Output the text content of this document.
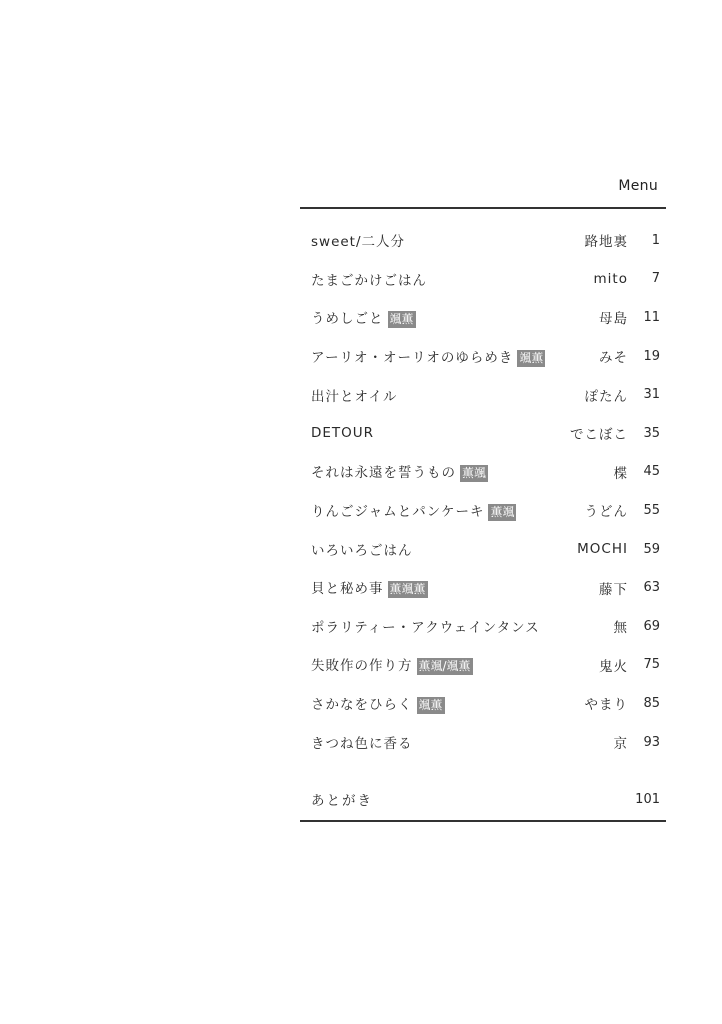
Menu
sweet/二人分	路地裏	1
たまごかけごはん	mito	7
うめしごと 颯薫	母島	11
アーリオ・オーリオのゆらめき 颯薫	みそ	19
出汁とオイル	ぽたん	31
DETOUR	でこぼこ	35
それは永遠を誓うもの 薫颯	楪	45
りんごジャムとパンケーキ 薫颯	うどん	55
いろいろごはん	MOCHI	59
貝と秘め事 薫颯薫	藤下	63
ポラリティー・アクウェインタンス	無	69
失敗作の作り方 薫颯/颯薫	鬼火	75
さかなをひらく 颯薫	やまり	85
きつね色に香る	京	93
あとがき	101
